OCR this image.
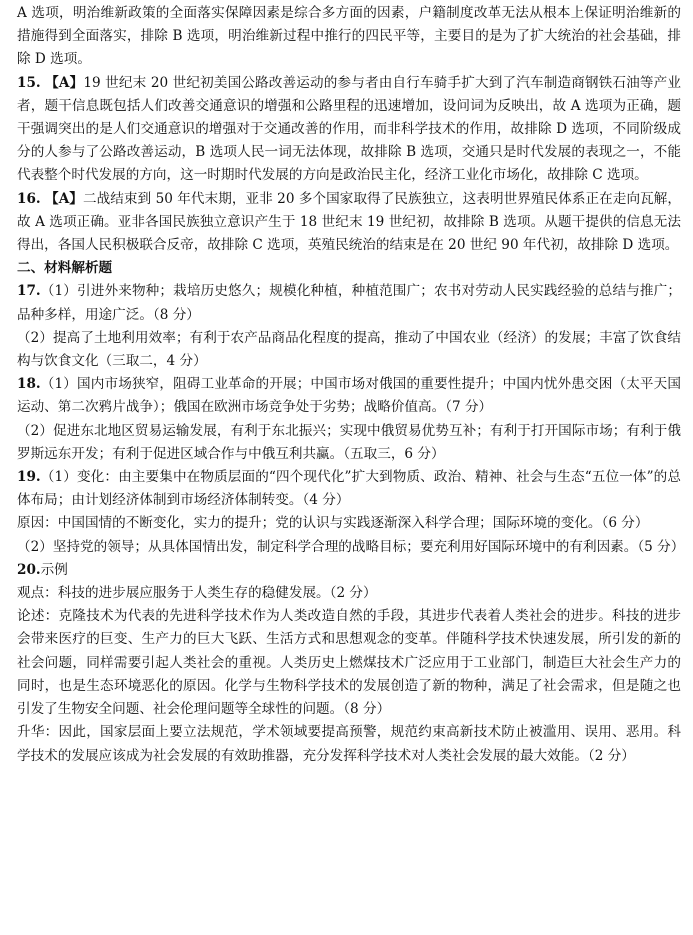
A 选项，明治维新政策的全面落实保障因素是综合多方面的因素，户籍制度改革无法从根本上保证明治维新的措施得到全面落实，排除 B 选项，明治维新过程中推行的四民平等，主要目的是为了扩大统治的社会基础，排除 D 选项。

15. 【A】19 世纪末 20 世纪初美国公路改善运动的参与者由自行车骑手扩大到了汽车制造商钢铁石油等产业者，题干信息既包括人们改善交通意识的增强和公路里程的迅速增加，设问词为反映出，故 A 选项为正确，题干强调突出的是人们交通意识的增强对于交通改善的作用，而非科学技术的作用，故排除 D 选项，不同阶级成分的人参与了公路改善运动，B 选项人民一词无法体现，故排除 B 选项，交通只是时代发展的表现之一，不能代表整个时代发展的方向，这一时期时代发展的方向是政治民主化，经济工业化市场化，故排除 C 选项。

16. 【A】二战结束到 50 年代末期，亚非 20 多个国家取得了民族独立，这表明世界殖民体系正在走向瓦解，故 A 选项正确。亚非各国民族独立意识产生于 18 世纪末 19 世纪初，故排除 B 选项。从题干提供的信息无法得出，各国人民积极联合反帝，故排除 C 选项，英殖民统治的结束是在 20 世纪 90 年代初，故排除 D 选项。

二、材料解析题

17.（1）引进外来物种；栽培历史悠久；规模化种植，种植范围广；农书对劳动人民实践经验的总结与推广；品种多样，用途广泛。（8 分）

（2）提高了土地利用效率；有利于农产品商品化程度的提高，推动了中国农业（经济）的发展；丰富了饮食结构与饮食文化（三取二，4 分）

18.（1）国内市场狭窄，阻碍工业革命的开展；中国市场对俄国的重要性提升；中国内忧外患交困（太平天国运动、第二次鸦片战争）；俄国在欧洲市场竞争处于劣势；战略价值高。（7 分）

（2）促进东北地区贸易运输发展，有利于东北振兴；实现中俄贸易优势互补；有利于打开国际市场；有利于俄罗斯远东开发；有利于促进区域合作与中俄互利共赢。（五取三，6 分）

19.（1）变化：由主要集中在物质层面的“四个现代化”扩大到物质、政治、精神、社会与生态“五位一体”的总体布局；由计划经济体制到市场经济体制转变。（4 分）

原因：中国国情的不断变化，实力的提升；党的认识与实践逐渐深入科学合理；国际环境的变化。（6 分）

（2）坚持党的领导；从具体国情出发，制定科学合理的战略目标；要充利用好国际环境中的有利因素。（5 分）

20.示例

观点：科技的进步展应服务于人类生存的稳健发展。（2 分）

论述：克隆技术为代表的先进科学技术作为人类改造自然的手段，其进步代表着人类社会的进步。科技的进步会带来医疗的巨变、生产力的巨大飞跃、生活方式和思想观念的变革。伴随科学技术快速发展，所引发的新的社会问题，同样需要引起人类社会的重视。人类历史上燃煤技术广泛应用于工业部门，制造巨大社会生产力的同时，也是生态环境恶化的原因。化学与生物科学技术的发展创造了新的物种，满足了社会需求，但是随之也引发了生物安全问题、社会伦理问题等全球性的问题。（8 分）

升华：因此，国家层面上要立法规范，学术领域要提高预警，规范约束高新技术防止被滥用、误用、恶用。科学技术的发展应该成为社会发展的有效助推器，充分发挥科学技术对人类社会发展的最大效能。（2 分）
